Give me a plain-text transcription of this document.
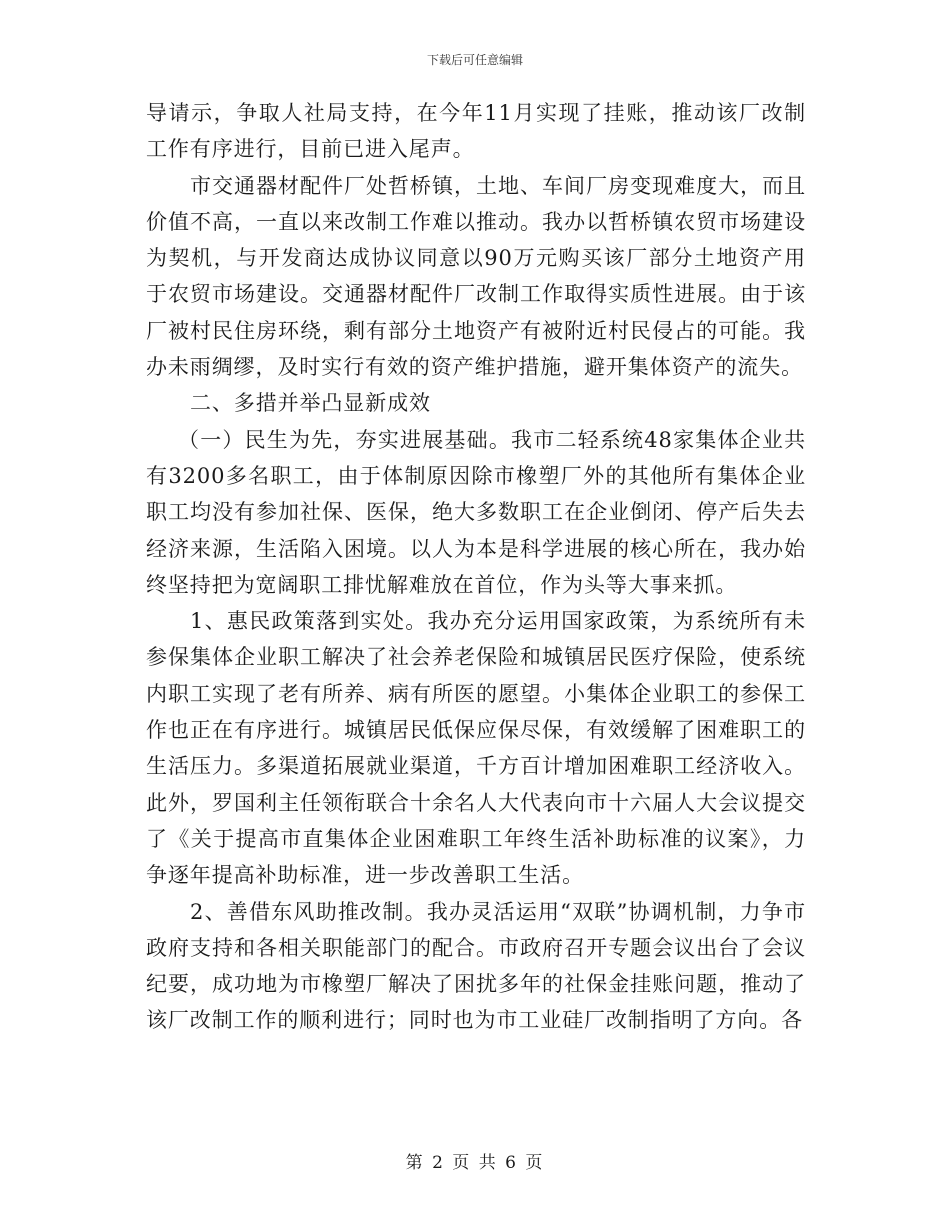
下载后可任意编辑

导请示，争取人社局支持，在今年11月实现了挂账，推动该厂改制工作有序进行，目前已进入尾声。

市交通器材配件厂处哲桥镇，土地、车间厂房变现难度大，而且价值不高，一直以来改制工作难以推动。我办以哲桥镇农贸市场建设为契机，与开发商达成协议同意以90万元购买该厂部分土地资产用于农贸市场建设。交通器材配件厂改制工作取得实质性进展。由于该厂被村民住房环绕，剩有部分土地资产有被附近村民侵占的可能。我办未雨绸缪，及时实行有效的资产维护措施，避开集体资产的流失。

二、多措并举凸显新成效

（一）民生为先，夯实进展基础。我市二轻系统48家集体企业共有3200多名职工，由于体制原因除市橡塑厂外的其他所有集体企业职工均没有参加社保、医保，绝大多数职工在企业倒闭、停产后失去经济来源，生活陷入困境。以人为本是科学进展的核心所在，我办始终坚持把为宽阔职工排忧解难放在首位，作为头等大事来抓。

1、惠民政策落到实处。我办充分运用国家政策，为系统所有未参保集体企业职工解决了社会养老保险和城镇居民医疗保险，使系统内职工实现了老有所养、病有所医的愿望。小集体企业职工的参保工作也正在有序进行。城镇居民低保应保尽保，有效缓解了困难职工的生活压力。多渠道拓展就业渠道，千方百计增加困难职工经济收入。此外，罗国利主任领衔联合十余名人大代表向市十六届人大会议提交了《关于提高市直集体企业困难职工年终生活补助标准的议案》，力争逐年提高补助标准，进一步改善职工生活。

2、善借东风助推改制。我办灵活运用“双联”协调机制，力争市政府支持和各相关职能部门的配合。市政府召开专题会议出台了会议纪要，成功地为市橡塑厂解决了困扰多年的社保金挂账问题，推动了该厂改制工作的顺利进行；同时也为市工业硅厂改制指明了方向。各

第 2 页 共 6 页
